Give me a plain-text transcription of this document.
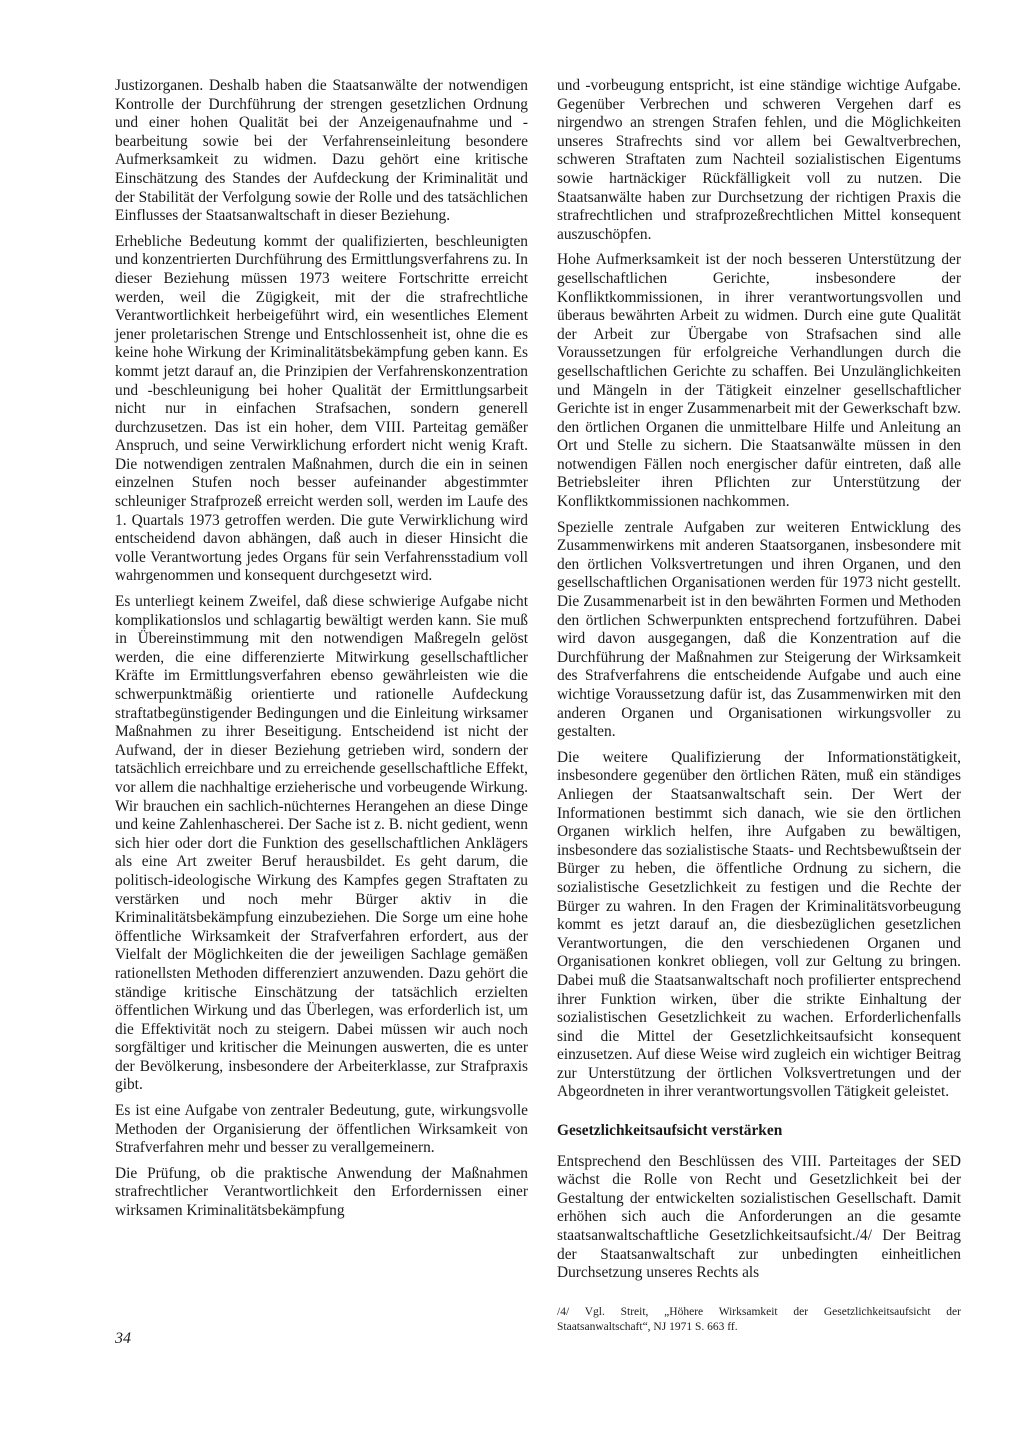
Justizorganen. Deshalb haben die Staatsanwälte der notwendigen Kontrolle der Durchführung der strengen gesetzlichen Ordnung und einer hohen Qualität bei der Anzeigenaufnahme und -bearbeitung sowie bei der Verfahrenseinleitung besondere Aufmerksamkeit zu widmen. Dazu gehört eine kritische Einschätzung des Standes der Aufdeckung der Kriminalität und der Stabilität der Verfolgung sowie der Rolle und des tatsächlichen Einflusses der Staatsanwaltschaft in dieser Beziehung.

Erhebliche Bedeutung kommt der qualifizierten, beschleunigten und konzentrierten Durchführung des Ermittlungsverfahrens zu. In dieser Beziehung müssen 1973 weitere Fortschritte erreicht werden, weil die Zügigkeit, mit der die strafrechtliche Verantwortlichkeit herbeigeführt wird, ein wesentliches Element jener proletarischen Strenge und Entschlossenheit ist, ohne die es keine hohe Wirkung der Kriminalitätsbekämpfung geben kann. Es kommt jetzt darauf an, die Prinzipien der Verfahrenskonzentration und -beschleunigung bei hoher Qualität der Ermittlungsarbeit nicht nur in einfachen Strafsachen, sondern generell durchzusetzen. Das ist ein hoher, dem VIII. Parteitag gemäßer Anspruch, und seine Verwirklichung erfordert nicht wenig Kraft. Die notwendigen zentralen Maßnahmen, durch die ein in seinen einzelnen Stufen noch besser aufeinander abgestimmter schleuniger Strafprozeß erreicht werden soll, werden im Laufe des 1. Quartals 1973 getroffen werden. Die gute Verwirklichung wird entscheidend davon abhängen, daß auch in dieser Hinsicht die volle Verantwortung jedes Organs für sein Verfahrensstadium voll wahrgenommen und konsequent durchgesetzt wird.

Es unterliegt keinem Zweifel, daß diese schwierige Aufgabe nicht komplikationslos und schlagartig bewältigt werden kann. Sie muß in Übereinstimmung mit den notwendigen Maßregeln gelöst werden, die eine differenzierte Mitwirkung gesellschaftlicher Kräfte im Ermittlungsverfahren ebenso gewährleisten wie die schwerpunktmäßig orientierte und rationelle Aufdeckung straftatbegünstigender Bedingungen und die Einleitung wirksamer Maßnahmen zu ihrer Beseitigung. Entscheidend ist nicht der Aufwand, der in dieser Beziehung getrieben wird, sondern der tatsächlich erreichbare und zu erreichende gesellschaftliche Effekt, vor allem die nachhaltige erzieherische und vorbeugende Wirkung. Wir brauchen ein sachlich-nüchternes Herangehen an diese Dinge und keine Zahlenhascherei. Der Sache ist z. B. nicht gedient, wenn sich hier oder dort die Funktion des gesellschaftlichen Anklägers als eine Art zweiter Beruf herausbildet. Es geht darum, die politisch-ideologische Wirkung des Kampfes gegen Straftaten zu verstärken und noch mehr Bürger aktiv in die Kriminalitätsbekämpfung einzubeziehen. Die Sorge um eine hohe öffentliche Wirksamkeit der Strafverfahren erfordert, aus der Vielfalt der Möglichkeiten die der jeweiligen Sachlage gemäßen rationellsten Methoden differenziert anzuwenden. Dazu gehört die ständige kritische Einschätzung der tatsächlich erzielten öffentlichen Wirkung und das Überlegen, was erforderlich ist, um die Effektivität noch zu steigern. Dabei müssen wir auch noch sorgfältiger und kritischer die Meinungen auswerten, die es unter der Bevölkerung, insbesondere der Arbeiterklasse, zur Strafpraxis gibt.

Es ist eine Aufgabe von zentraler Bedeutung, gute, wirkungsvolle Methoden der Organisierung der öffentlichen Wirksamkeit von Strafverfahren mehr und besser zu verallgemeinern.

Die Prüfung, ob die praktische Anwendung der Maßnahmen strafrechtlicher Verantwortlichkeit den Erfordernissen einer wirksamen Kriminalitätsbekämpfung

und -vorbeugung entspricht, ist eine ständige wichtige Aufgabe. Gegenüber Verbrechen und schweren Vergehen darf es nirgendwo an strengen Strafen fehlen, und die Möglichkeiten unseres Strafrechts sind vor allem bei Gewaltverbrechen, schweren Straftaten zum Nachteil sozialistischen Eigentums sowie hartnäckiger Rückfälligkeit voll zu nutzen. Die Staatsanwälte haben zur Durchsetzung der richtigen Praxis die strafrechtlichen und strafprozeßrechtlichen Mittel konsequent auszuschöpfen.

Hohe Aufmerksamkeit ist der noch besseren Unterstützung der gesellschaftlichen Gerichte, insbesondere der Konfliktkommissionen, in ihrer verantwortungsvollen und überaus bewährten Arbeit zu widmen. Durch eine gute Qualität der Arbeit zur Übergabe von Strafsachen sind alle Voraussetzungen für erfolgreiche Verhandlungen durch die gesellschaftlichen Gerichte zu schaffen. Bei Unzulänglichkeiten und Mängeln in der Tätigkeit einzelner gesellschaftlicher Gerichte ist in enger Zusammenarbeit mit der Gewerkschaft bzw. den örtlichen Organen die unmittelbare Hilfe und Anleitung an Ort und Stelle zu sichern. Die Staatsanwälte müssen in den notwendigen Fällen noch energischer dafür eintreten, daß alle Betriebsleiter ihren Pflichten zur Unterstützung der Konfliktkommissionen nachkommen.

Spezielle zentrale Aufgaben zur weiteren Entwicklung des Zusammenwirkens mit anderen Staatsorganen, insbesondere mit den örtlichen Volksvertretungen und ihren Organen, und den gesellschaftlichen Organisationen werden für 1973 nicht gestellt. Die Zusammenarbeit ist in den bewährten Formen und Methoden den örtlichen Schwerpunkten entsprechend fortzuführen. Dabei wird davon ausgegangen, daß die Konzentration auf die Durchführung der Maßnahmen zur Steigerung der Wirksamkeit des Strafverfahrens die entscheidende Aufgabe und auch eine wichtige Voraussetzung dafür ist, das Zusammenwirken mit den anderen Organen und Organisationen wirkungsvoller zu gestalten.

Die weitere Qualifizierung der Informationstätigkeit, insbesondere gegenüber den örtlichen Räten, muß ein ständiges Anliegen der Staatsanwaltschaft sein. Der Wert der Informationen bestimmt sich danach, wie sie den örtlichen Organen wirklich helfen, ihre Aufgaben zu bewältigen, insbesondere das sozialistische Staats- und Rechtsbewußtsein der Bürger zu heben, die öffentliche Ordnung zu sichern, die sozialistische Gesetzlichkeit zu festigen und die Rechte der Bürger zu wahren. In den Fragen der Kriminalitätsvorbeugung kommt es jetzt darauf an, die diesbezüglichen gesetzlichen Verantwortungen, die den verschiedenen Organen und Organisationen konkret obliegen, voll zur Geltung zu bringen. Dabei muß die Staatsanwaltschaft noch profilierter entsprechend ihrer Funktion wirken, über die strikte Einhaltung der sozialistischen Gesetzlichkeit zu wachen. Erforderlichenfalls sind die Mittel der Gesetzlichkeitsaufsicht konsequent einzusetzen. Auf diese Weise wird zugleich ein wichtiger Beitrag zur Unterstützung der örtlichen Volksvertretungen und der Abgeordneten in ihrer verantwortungsvollen Tätigkeit geleistet.

Gesetzlichkeitsaufsicht verstärken

Entsprechend den Beschlüssen des VIII. Parteitages der SED wächst die Rolle von Recht und Gesetzlichkeit bei der Gestaltung der entwickelten sozialistischen Gesellschaft. Damit erhöhen sich auch die Anforderungen an die gesamte staatsanwaltschaftliche Gesetzlichkeitsaufsicht./4/ Der Beitrag der Staatsanwaltschaft zur unbedingten einheitlichen Durchsetzung unseres Rechts als

/4/ Vgl. Streit, „Höhere Wirksamkeit der Gesetzlichkeitsaufsicht der Staatsanwaltschaft“, NJ 1971 S. 663 ff.
34
